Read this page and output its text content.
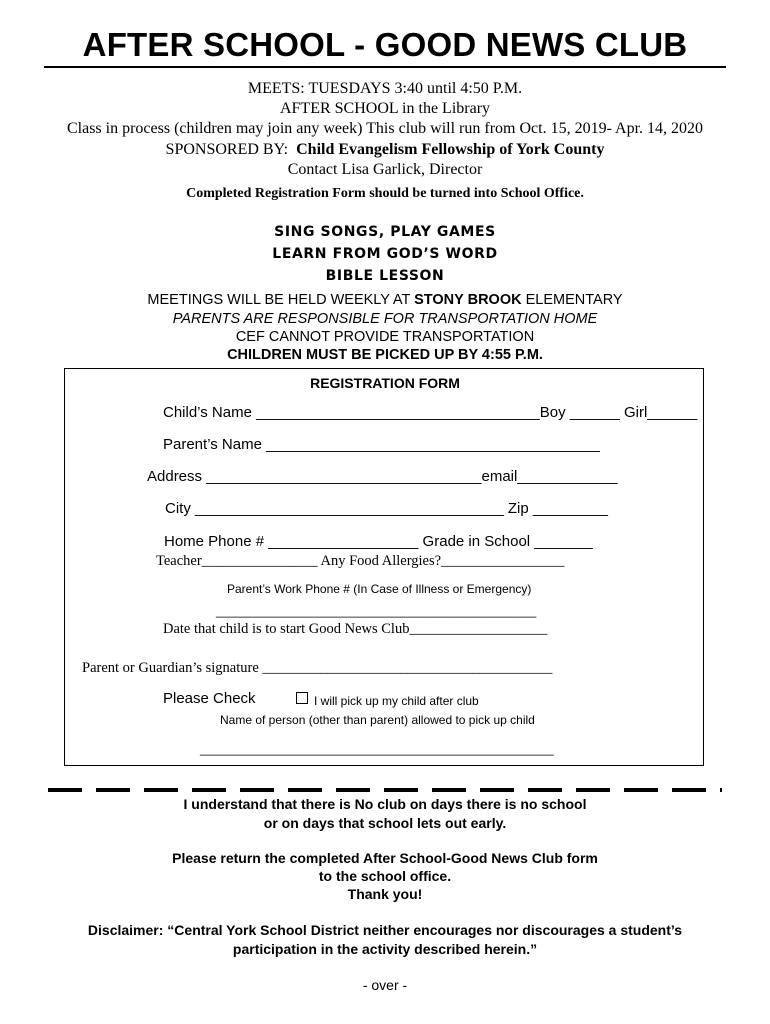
AFTER SCHOOL - GOOD NEWS CLUB
MEETS: TUESDAYS 3:40 until 4:50 P.M.
AFTER SCHOOL in the Library
Class in process (children may join any week) This club will run from Oct. 15, 2019- Apr. 14, 2020
SPONSORED BY:  Child Evangelism Fellowship of York County
Contact Lisa Garlick, Director
Completed Registration Form should be turned into School Office.
SING SONGS, PLAY GAMES
LEARN FROM GOD’S WORD
BIBLE LESSON
MEETINGS WILL BE HELD WEEKLY AT STONY BROOK ELEMENTARY
PARENTS ARE RESPONSIBLE FOR TRANSPORTATION HOME
CEF CANNOT PROVIDE TRANSPORTATION
CHILDREN MUST BE PICKED UP BY 4:55 P.M.
REGISTRATION FORM
Child’s Name __________________________________Boy ______ Girl______
Parent’s Name ________________________________________
Address _________________________________email____________
City _____________________________________ Zip _________
Home Phone # __________________ Grade in School _______
Teacher________________ Any Food Allergies?_________________
Parent’s Work Phone # (In Case of Illness or Emergency)
________________________________________________
Date that child is to start Good News Club___________________
Parent or Guardian’s signature ________________________________________
Please Check	I will pick up my child after club
Name of person (other than parent) allowed to pick up child
_____________________________________________________
I understand that there is No club on days there is no school
or on days that school lets out early.
Please return the completed After School-Good News Club form
to the school office.
Thank you!
Disclaimer: “Central York School District neither encourages nor discourages a student’s
participation in the activity described herein.”
- over -
